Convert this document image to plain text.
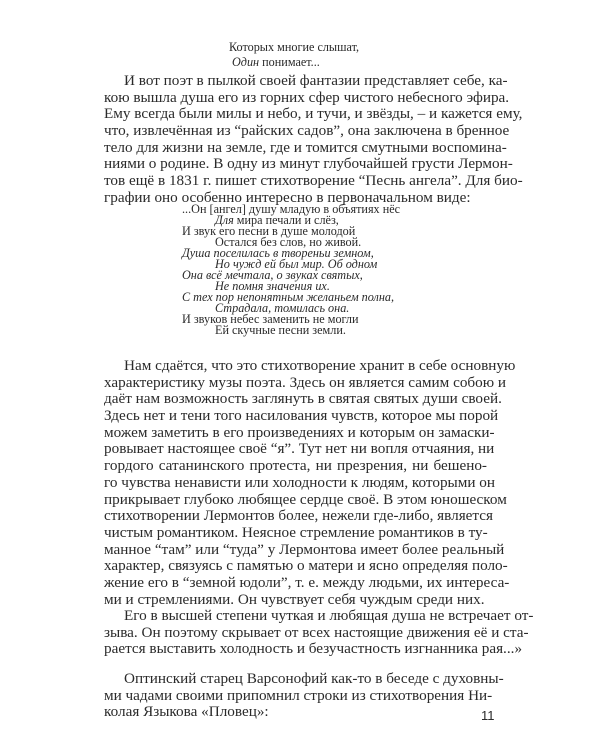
Которых многие слышат,
Один понимает...
И вот поэт в пылкой своей фантазии представляет себе, ка-
кою вышла душа его из горних сфер чистого небесного эфира.
Ему всегда были милы и небо, и тучи, и звёзды, – и кажется ему,
что, извлечённая из “райских садов”, она заключена в бренное
тело для жизни на земле, где и томится смутными воспомина-
ниями о родине. В одну из минут глубочайшей грусти Лермон-
тов ещё в 1831 г. пишет стихотворение “Песнь ангела”. Для био-
графии оно особенно интересно в первоначальном виде:
...Он [ангел] душу младую в объятиях нёс
Для мира печали и слёз,
И звук его песни в душе молодой
Остался без слов, но живой.
Душа поселилась в твореньи земном,
Но чужд ей был мир. Об одном
Она всё мечтала, о звуках святых,
Не помня значения их.
С тех пор непонятным желаньем полна,
Страдала, томилась она.
И звуков небес заменить не могли
Ей скучные песни земли.
Нам сдаётся, что это стихотворение хранит в себе основную
характеристику музы поэта. Здесь он является самим собою и
даёт нам возможность заглянуть в святая святых души своей.
Здесь нет и тени того насилования чувств, которое мы порой
можем заметить в его произведениях и которым он замаски-
ровывает настоящее своё “я”. Тут нет ни вопля отчаяния, ни
гордого сатанинского протеста, ни презрения, ни бешено-
го чувства ненависти или холодности к людям, которыми он
прикрывает глубоко любящее сердце своё. В этом юношеском
стихотворении Лермонтов более, нежели где-либо, является
чистым романтиком. Неясное стремление романтиков в ту-
манное “там” или “туда” у Лермонтова имеет более реальный
характер, связуясь с памятью о матери и ясно определяя поло-
жение его в “земной юдоли”, т. е. между людьми, их интереса-
ми и стремлениями. Он чувствует себя чуждым среди них.
Его в высшей степени чуткая и любящая душа не встречает от-
зыва. Он поэтому скрывает от всех настоящие движения её и ста-
рается выставить холодность и безучастность изгнанника рая...»
Оптинский старец Варсонофий как-то в беседе с духовны-
ми чадами своими припомнил строки из стихотворения Ни-
колая Языкова «Пловец»:	11
